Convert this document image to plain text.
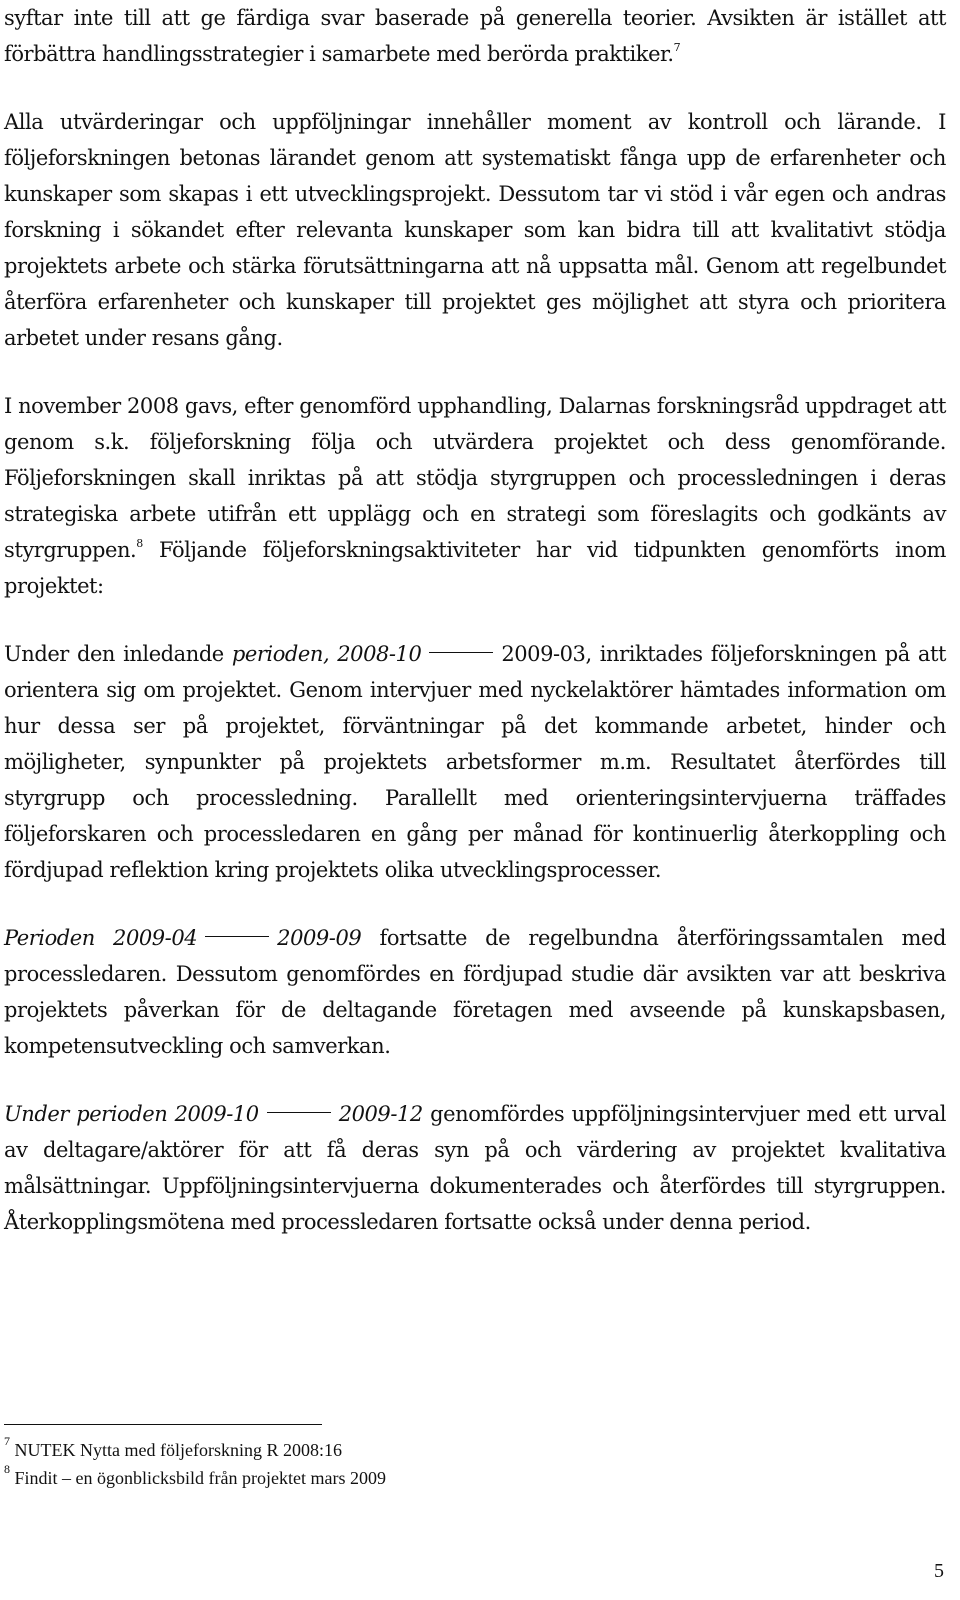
syftar inte till att ge färdiga svar baserade på generella teorier. Avsikten är istället att förbättra handlingsstrategier i samarbete med berörda praktiker.$^7$

Alla utvärderingar och uppföljningar innehåller moment av kontroll och lärande. I följeforskningen betonas lärandet genom att systematiskt fånga upp de erfarenheter och kunskaper som skapas i ett utvecklingsprojekt. Dessutom tar vi stöd i vår egen och andras forskning i sökandet efter relevanta kunskaper som kan bidra till att kvalitativt stödja projektets arbete och stärka förutsättningarna att nå uppsatta mål. Genom att regelbundet återföra erfarenheter och kunskaper till projektet ges möjlighet att styra och prioritera arbetet under resans gång.

I november 2008 gavs, efter genomförd upphandling, Dalarnas forskningsråd uppdraget att genom s.k. följeforskning följa och utvärdera projektet och dess genomförande. Följeforskningen skall inriktas på att stödja styrgruppen och processledningen i deras strategiska arbete utifrån ett upplägg och en strategi som föreslagits och godkänts av styrgruppen.$^8$ Följande följeforskningsaktiviteter har vid tidpunkten genomförts inom projektet:

Under den inledande perioden, 2008-10	2009-03, inriktades följeforskningen på att orientera sig om projektet. Genom intervjuer med nyckelaktörer hämtades information om hur dessa ser på projektet, förväntningar på det kommande arbetet, hinder och möjligheter, synpunkter på projektets arbetsformer m.m. Resultatet återfördes till styrgrupp och processledning. Parallellt med orienteringsintervjuerna träffades följeforskaren och processledaren en gång per månad för kontinuerlig återkoppling och fördjupad reflektion kring projektets olika utvecklingsprocesser.

Perioden 2009-04	2009-09 fortsatte de regelbundna återföringssamtalen med processledaren. Dessutom genomfördes en fördjupad studie där avsikten var att beskriva projektets påverkan för de deltagande företagen med avseende på kunskapsbasen, kompetensutveckling och samverkan.

Under perioden 2009-10	2009-12 genomfördes uppföljningsintervjuer med ett urval av deltagare/aktörer för att få deras syn på och värdering av projektet kvalitativa målsättningar. Uppföljningsintervjuerna dokumenterades och återfördes till styrgruppen. Återkopplingsmötena med processledaren fortsatte också under denna period.

$^7$ NUTEK Nytta med följeforskning R 2008:16
$^8$ Findit – en ögonblicksbild från projektet mars 2009
5
